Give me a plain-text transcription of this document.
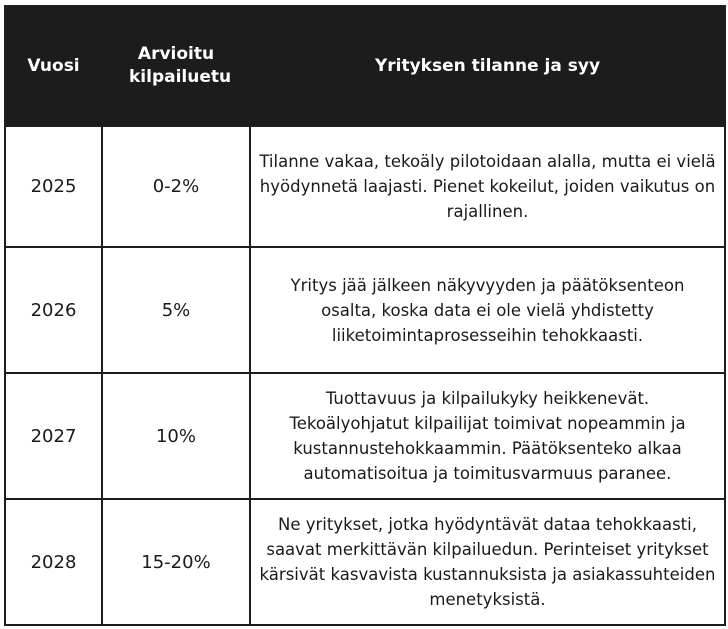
Vuosi	Arvioitu kilpailuetu	Yrityksen tilanne ja syy
2025	0-2%	Tilanne vakaa, tekoäly pilotoidaan alalla, mutta ei vielä hyödynnetä laajasti. Pienet kokeilut, joiden vaikutus on rajallinen.
2026	5%	Yritys jää jälkeen näkyvyyden ja päätöksenteon osalta, koska data ei ole vielä yhdistetty liiketoimintaprosesseihin tehokkaasti.

2027	10%	Tuottavuus ja kilpailukyky heikkenevät. Tekoälyohjatut kilpailijat toimivat nopeammin ja kustannustehokkaammin. Päätöksenteko alkaa automatisoitua ja toimitusvarmuus paranee.

2028	15-20%	Ne yritykset, jotka hyödyntävät dataa tehokkaasti, saavat merkittävän kilpailuedun. Perinteiset yritykset kärsivät kasvavista kustannuksista ja asiakassuhteiden menetyksistä.
